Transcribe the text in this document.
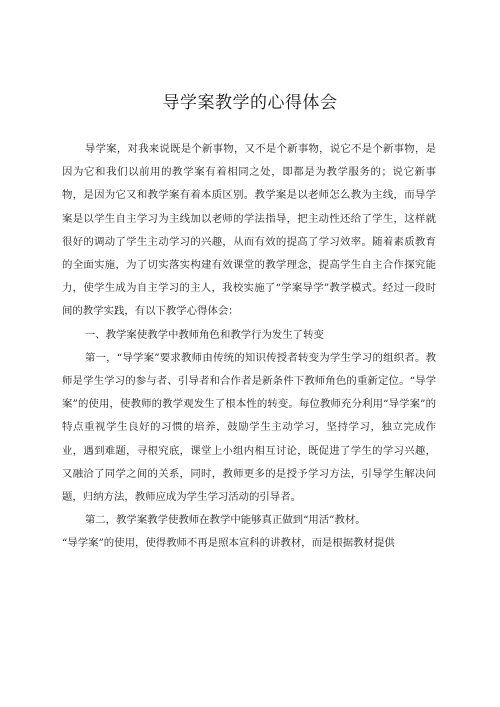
导学案教学的心得体会

导学案，对我来说既是个新事物，又不是个新事物，说它不是个新事物，是因为它和我们以前用的教学案有着相同之处，即都是为教学服务的；说它新事物，是因为它又和教学案有着本质区别。教学案是以老师怎么教为主线，而导学案是以学生自主学习为主线加以老师的学法指导，把主动性还给了学生，这样就很好的调动了学生主动学习的兴趣，从而有效的提高了学习效率。随着素质教育的全面实施，为了切实落实构建有效课堂的教学理念，提高学生自主合作探究能力，使学生成为自主学习的主人，我校实施了“学案导学”教学模式。经过一段时间的教学实践，有以下教学心得体会：

一、教学案使教学中教师角色和教学行为发生了转变

第一，“导学案”要求教师由传统的知识传授者转变为学生学习的组织者。教师是学生学习的参与者、引导者和合作者是新条件下教师角色的重新定位。“导学案”的使用，使教师的教学观发生了根本性的转变。每位教师充分利用“导学案”的特点重视学生良好的习惯的培养，鼓励学生主动学习，坚持学习，独立完成作业，遇到难题，寻根究底，课堂上小组内相互讨论，既促进了学生的学习兴趣，又融洽了同学之间的关系，同时，教师更多的是授予学习方法，引导学生解决问题，归纳方法，教师应成为学生学习活动的引导者。

第二，教学案教学使教师在教学中能够真正做到“用活”教材。

“导学案”的使用，使得教师不再是照本宣科的讲教材，而是根据教材提供
